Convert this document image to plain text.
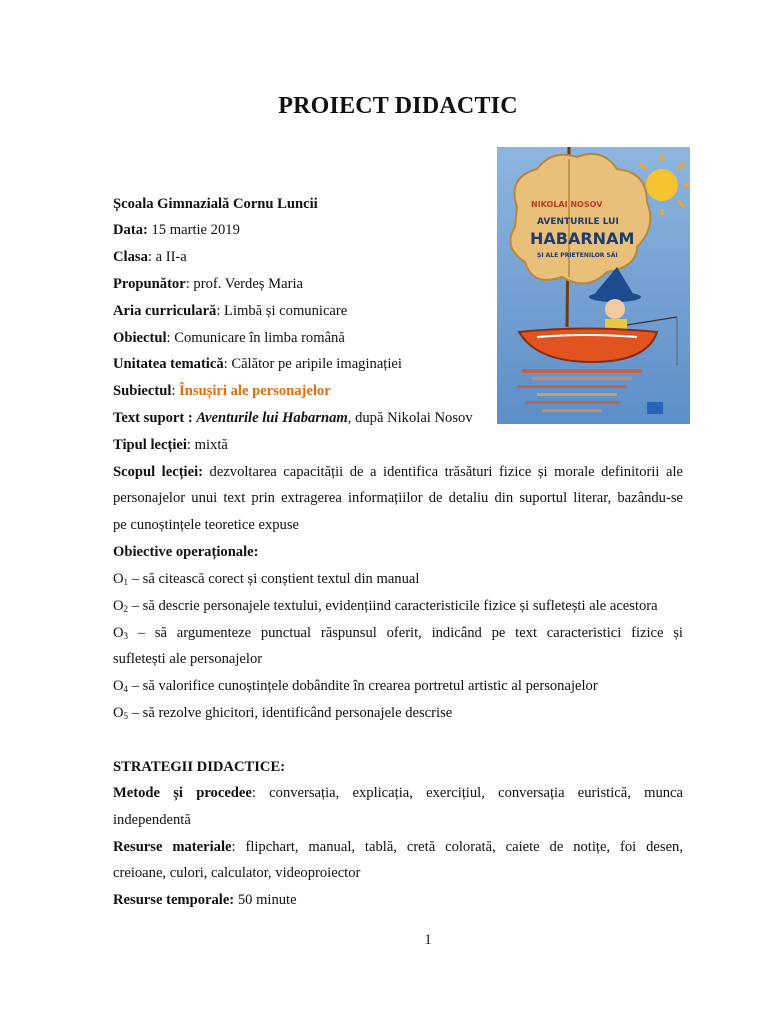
PROIECT DIDACTIC
NIKOLAI NOSOV
AVENTURILE LUI
HABARNAM
ȘI ALE PRIETENILOR SĂI
Școala Gimnazială Cornu Luncii
Data: 15 martie 2019
Clasa: a II-a
Propunător: prof. Verdeș Maria
Aria curriculară: Limbă și comunicare
Obiectul: Comunicare în limba română
Unitatea tematică: Călător pe aripile imaginației
Subiectul: Însușiri ale personajelor
Text suport : Aventurile lui Habarnam, după Nikolai Nosov
Tipul lecției: mixtă
Scopul lecției: dezvoltarea capacității de a identifica trăsături fizice și morale definitorii ale
personajelor unui text prin extragerea informațiilor de detaliu din suportul literar, bazându-se
pe cunoștințele teoretice expuse
Obiective operaționale:
$O_1$ – să citească corect și conștient textul din manual
$O_2$ – să descrie personajele textului, evidențiind caracteristicile fizice și sufletești ale acestora
$O_3$ – să argumenteze punctual răspunsul oferit, indicând pe text caracteristici fizice și
sufletești ale personajelor
$O_4$ – să valorifice cunoștințele dobândite în crearea portretul artistic al personajelor
$O_5$ – să rezolve ghicitori, identificând personajele descrise
STRATEGII DIDACTICE:
Metode și procedee: conversația, explicația, exercițiul, conversația euristică, munca
independentă
Resurse materiale: flipchart, manual, tablă, cretă colorată, caiete de notițe, foi desen,
creioane, culori, calculator, videoproiector
Resurse temporale: 50 minute
1
